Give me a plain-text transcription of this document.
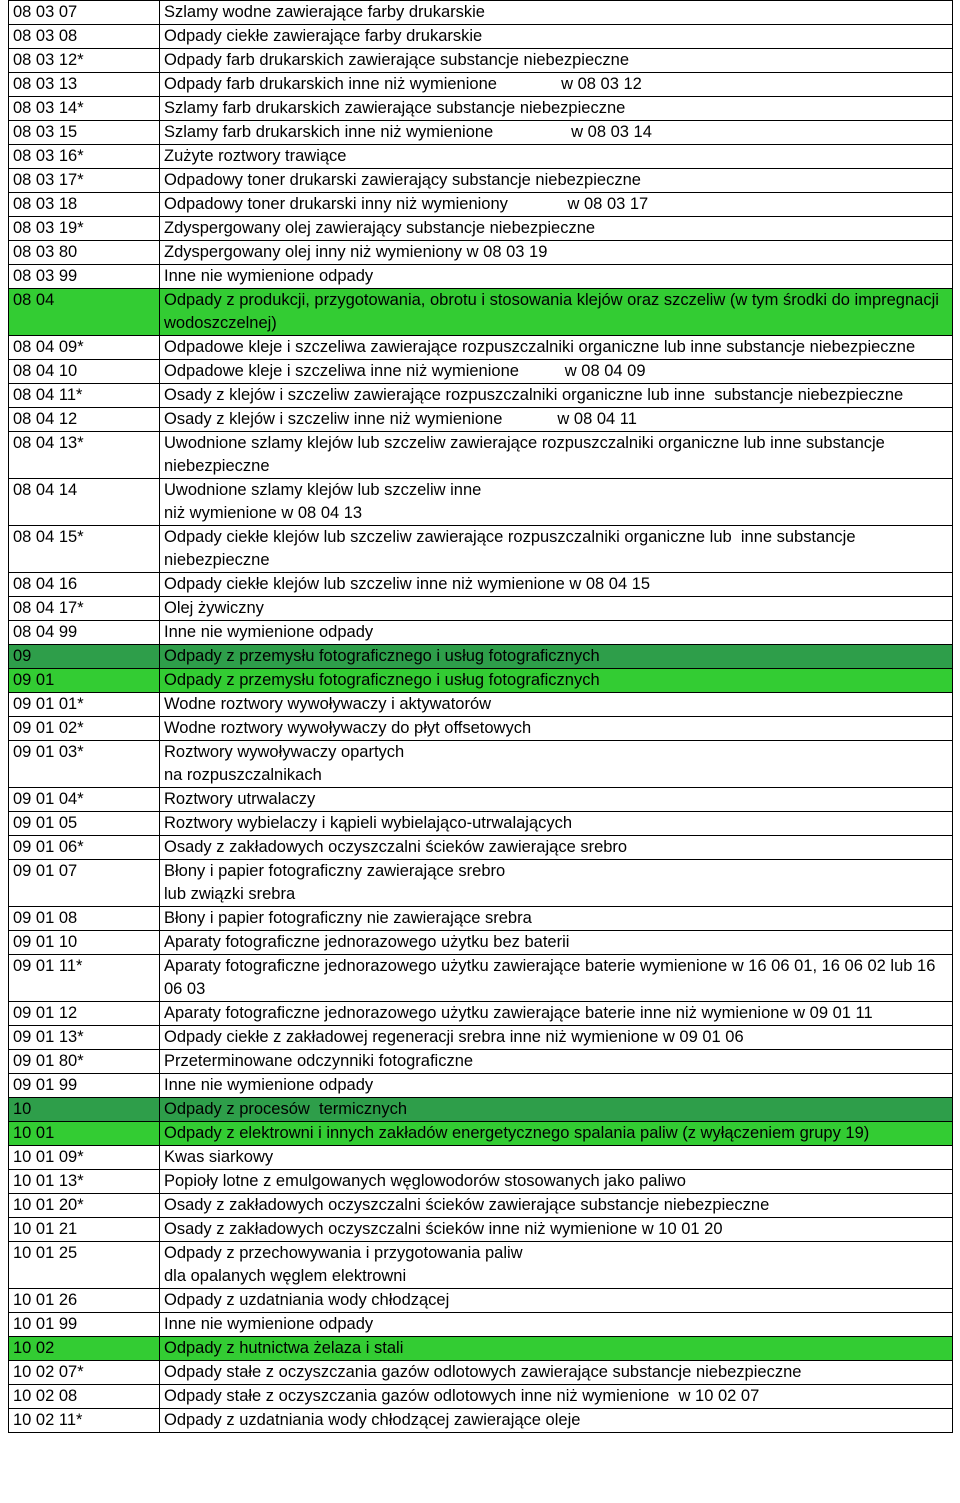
08 03 07	Szlamy wodne zawierające farby drukarskie
08 03 08	Odpady ciekłe zawierające farby drukarskie
08 03 12*	Odpady farb drukarskich zawierające substancje niebezpieczne
08 03 13	Odpady farb drukarskich inne niż wymienione              w 08 03 12
08 03 14*	Szlamy farb drukarskich zawierające substancje niebezpieczne
08 03 15	Szlamy farb drukarskich inne niż wymienione                 w 08 03 14
08 03 16*	Zużyte roztwory trawiące
08 03 17*	Odpadowy toner drukarski zawierający substancje niebezpieczne
08 03 18	Odpadowy toner drukarski inny niż wymieniony             w 08 03 17
08 03 19*	Zdyspergowany olej zawierający substancje niebezpieczne
08 03 80	Zdyspergowany olej inny niż wymieniony w 08 03 19
08 03 99	Inne nie wymienione odpady
08 04	Odpady z produkcji, przygotowania, obrotu i stosowania klejów oraz szczeliw (w tym środki do impregnacji wodoszczelnej)
08 04 09*	Odpadowe kleje i szczeliwa zawierające rozpuszczalniki organiczne lub inne substancje niebezpieczne
08 04 10	Odpadowe kleje i szczeliwa inne niż wymienione          w 08 04 09
08 04 11*	Osady z klejów i szczeliw zawierające rozpuszczalniki organiczne lub inne  substancje niebezpieczne
08 04 12	Osady z klejów i szczeliw inne niż wymienione            w 08 04 11
08 04 13*	Uwodnione szlamy klejów lub szczeliw zawierające rozpuszczalniki organiczne lub inne substancje niebezpieczne
08 04 14	Uwodnione szlamy klejów lub szczeliw inne
niż wymienione w 08 04 13
08 04 15*	Odpady ciekłe klejów lub szczeliw zawierające rozpuszczalniki organiczne lub  inne substancje niebezpieczne
08 04 16	Odpady ciekłe klejów lub szczeliw inne niż wymienione w 08 04 15
08 04 17*	Olej żywiczny
08 04 99	Inne nie wymienione odpady
09	Odpady z przemysłu fotograficznego i usług fotograficznych
09 01	Odpady z przemysłu fotograficznego i usług fotograficznych
09 01 01*	Wodne roztwory wywoływaczy i aktywatorów
09 01 02*	Wodne roztwory wywoływaczy do płyt offsetowych
09 01 03*	Roztwory wywoływaczy opartych
na rozpuszczalnikach
09 01 04*	Roztwory utrwalaczy
09 01 05	Roztwory wybielaczy i kąpieli wybielająco-utrwalających
09 01 06*	Osady z zakładowych oczyszczalni ścieków zawierające srebro
09 01 07	Błony i papier fotograficzny zawierające srebro
lub związki srebra
09 01 08	Błony i papier fotograficzny nie zawierające srebra
09 01 10	Aparaty fotograficzne jednorazowego użytku bez baterii
09 01 11*	Aparaty fotograficzne jednorazowego użytku zawierające baterie wymienione w 16 06 01, 16 06 02 lub 16 06 03
09 01 12	Aparaty fotograficzne jednorazowego użytku zawierające baterie inne niż wymienione w 09 01 11
09 01 13*	Odpady ciekłe z zakładowej regeneracji srebra inne niż wymienione w 09 01 06
09 01 80*	Przeterminowane odczynniki fotograficzne
09 01 99	Inne nie wymienione odpady
10	Odpady z procesów  termicznych
10 01	Odpady z elektrowni i innych zakładów energetycznego spalania paliw (z wyłączeniem grupy 19)
10 01 09*	Kwas siarkowy
10 01 13*	Popioły lotne z emulgowanych węglowodorów stosowanych jako paliwo
10 01 20*	Osady z zakładowych oczyszczalni ścieków zawierające substancje niebezpieczne
10 01 21	Osady z zakładowych oczyszczalni ścieków inne niż wymienione w 10 01 20
10 01 25	Odpady z przechowywania i przygotowania paliw
dla opalanych węglem elektrowni
10 01 26	Odpady z uzdatniania wody chłodzącej
10 01 99	Inne nie wymienione odpady
10 02	Odpady z hutnictwa żelaza i stali
10 02 07*	Odpady stałe z oczyszczania gazów odlotowych zawierające substancje niebezpieczne
10 02 08	Odpady stałe z oczyszczania gazów odlotowych inne niż wymienione  w 10 02 07
10 02 11*	Odpady z uzdatniania wody chłodzącej zawierające oleje
